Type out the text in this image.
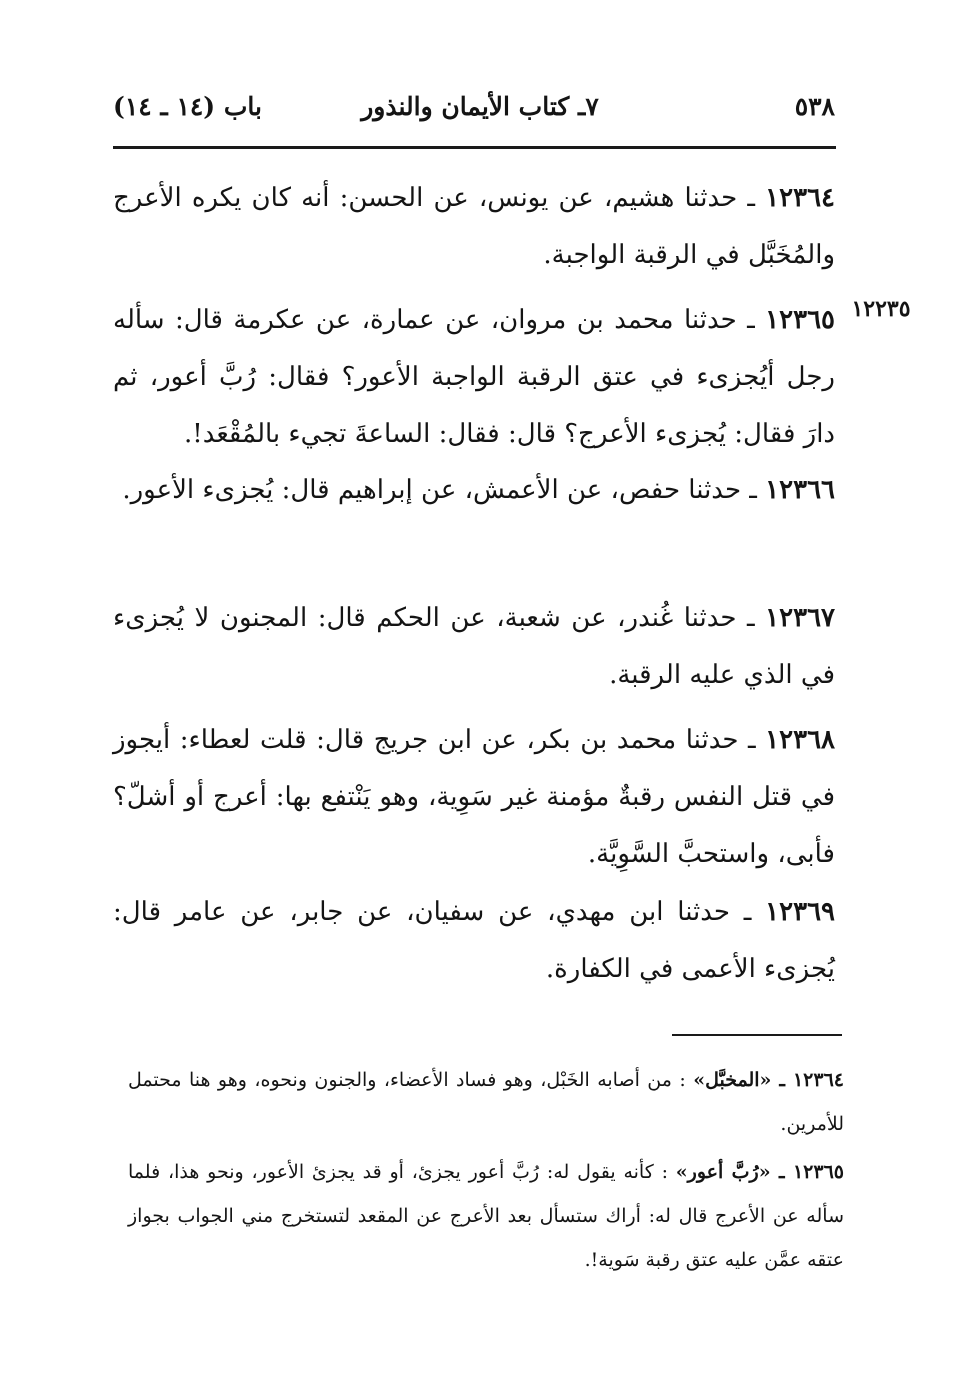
٥٣٨
٧ـ كتاب الأيمان والنذور
باب (١٤ ـ ١٤)
١٢٢٣٥
١٢٣٦٤ ـ حدثنا هشيم، عن يونس، عن الحسن: أنه كان يكره الأعرج والمُخَبَّل في الرقبة الواجبة.
١٢٣٦٥ ـ حدثنا محمد بن مروان، عن عمارة، عن عكرمة قال: سأله رجل أيُجزىء في عتق الرقبة الواجبة الأعور؟ فقال: رُبَّ أعور، ثم دارَ فقال: يُجزىء الأعرج؟ قال: فقال: الساعةَ تجيء بالمُقْعَد!.
١٢٣٦٦ ـ حدثنا حفص، عن الأعمش، عن إبراهيم قال: يُجزىء الأعور.
١٢٣٦٧ ـ حدثنا غُندر، عن شعبة، عن الحكم قال: المجنون لا يُجزىء في الذي عليه الرقبة.
١٢٣٦٨ ـ حدثنا محمد بن بكر، عن ابن جريج قال: قلت لعطاء: أيجوز في قتل النفس رقبةٌ مؤمنة غير سَوِية، وهو يَنْتفع بها: أعرج أو أشلّ؟ فأبى، واستحبَّ السَّوِيَّة.
١٢٣٦٩ ـ حدثنا ابن مهدي، عن سفيان، عن جابر، عن عامر قال: يُجزىء الأعمى في الكفارة.
١٢٣٦٤ ـ «المخبَّل» : من أصابه الخَبْل، وهو فساد الأعضاء، والجنون ونحوه، وهو هنا محتمل للأمرين.
١٢٣٦٥ ـ «رُبَّ أعور» : كأنه يقول له: رُبَّ أعور يجزئ، أو قد يجزئ الأعور، ونحو هذا، فلما سأله عن الأعرج قال له: أراك ستسأل بعد الأعرج عن المقعد لتستخرج مني الجواب بجواز عتقه عمَّن عليه عتق رقبة سَوية!.
